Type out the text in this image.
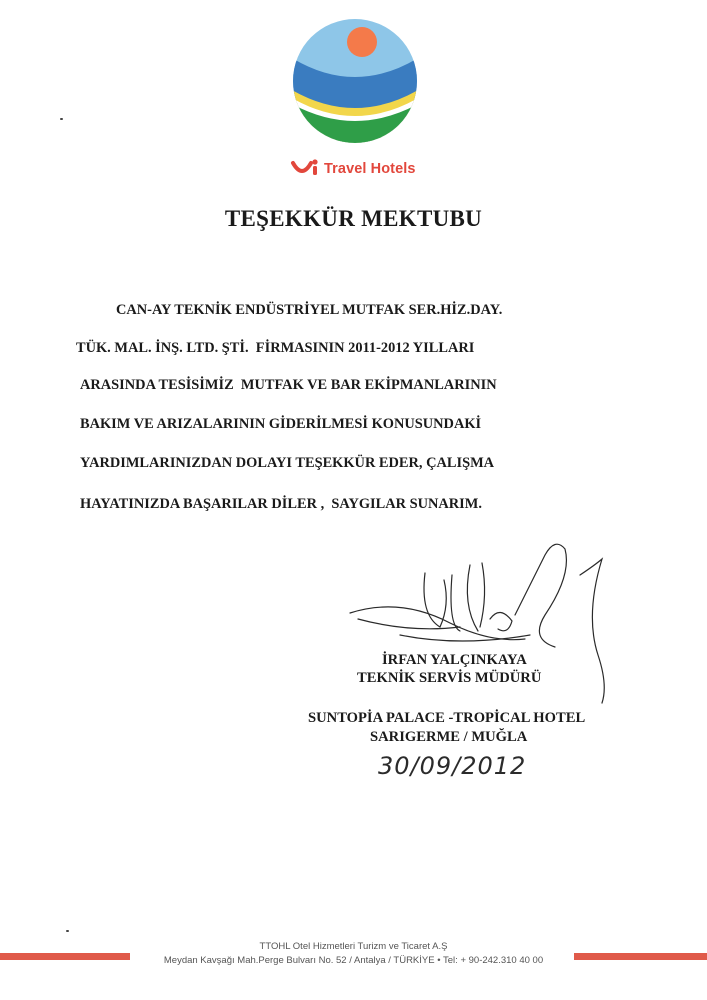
Travel Hotels
TEŞEKKÜR MEKTUBU
CAN-AY TEKNİK ENDÜSTRİYEL MUTFAK SER.HİZ.DAY.
TÜK. MAL. İNŞ. LTD. ŞTİ.  FİRMASININ 2011-2012 YILLARI
ARASINDA TESİSİMİZ  MUTFAK VE BAR EKİPMANLARININ
BAKIM VE ARIZALARININ GİDERİLMESİ KONUSUNDAKİ
YARDIMLARINIZDAN DOLAYI TEŞEKKÜR EDER, ÇALIŞMA
HAYATINIZDA BAŞARILAR DİLER ,  SAYGILAR SUNARIM.
İRFAN YALÇINKAYA
TEKNİK SERVİS MÜDÜRÜ
SUNTOPİA PALACE -TROPİCAL HOTEL
SARIGERME / MUĞLA
30/09/2012
TTOHL Otel Hizmetleri Turizm ve Ticaret A.Ş
Meydan Kavşağı Mah.Perge Bulvarı No. 52 / Antalya / TÜRKİYE • Tel: + 90-242.310 40 00
